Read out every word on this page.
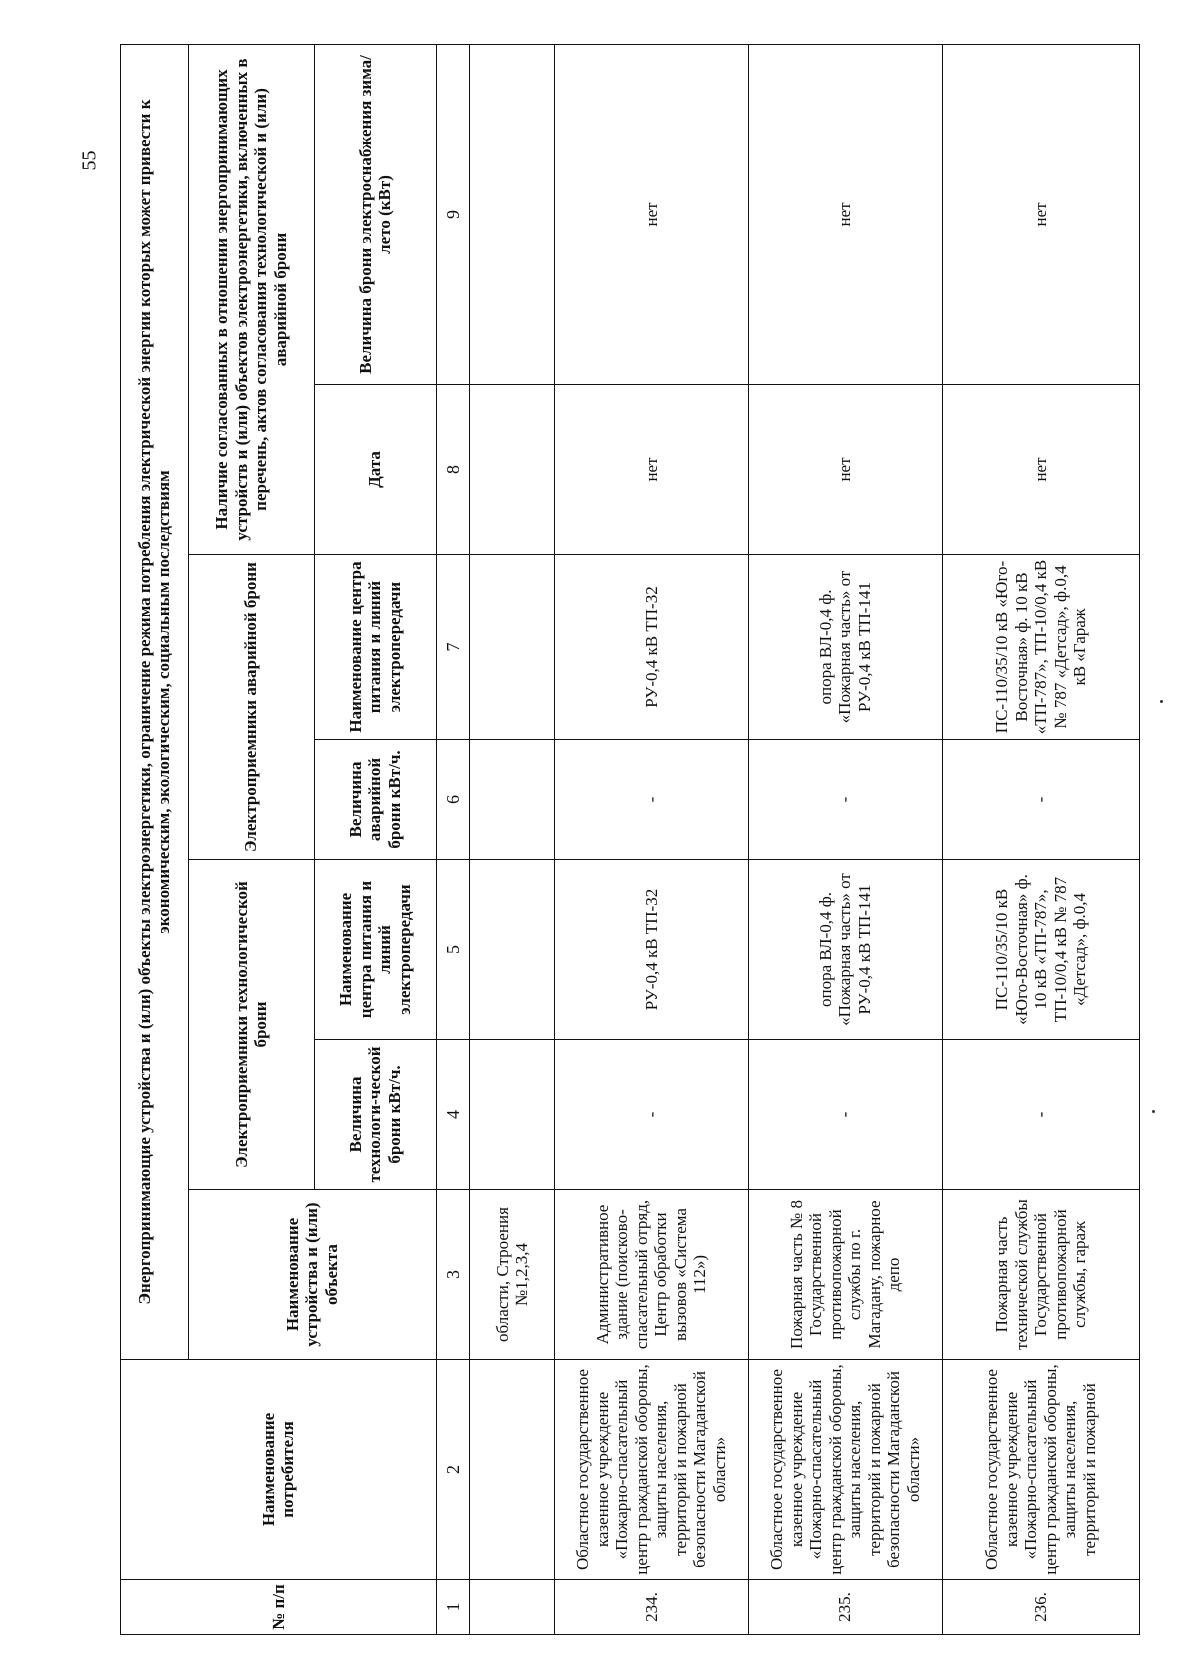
55
№ п/п	Наименование потребителя	Энергопринимающие устройства и (или) объекты электроэнергетики, ограничение режима потребления электрической энергии которых может привести к экономическим, экологическим, социальным последствиям						
		Наименование устройства и (или) объекта	Электроприемники технологической брони		Электроприемники аварийной брони		Наличие согласованных в отношении энергопринимающих устройств и (или) объектов электроэнергетики, включенных в перечень, актов согласования технологической и (или) аварийной брони	
			Величина технологи-ческой брони кВт/ч.	Наименование центра питания и линий электропередачи	Величина аварийной брони кВт/ч.	Наименование центра питания и линий электропередачи	Дата	Величина брони электроснабжения зима/лето (кВт)
1	2	3	4	5	6	7	8	9
		области, Строения №1,2,3,4						
234.	Областное государственное казенное учреждение «Пожарно-спасательный центр гражданской обороны, защиты населения, территорий и пожарной безопасности Магаданской области»	Административное здание (поисково-спасательный отряд, Центр обработки вызовов «Система 112»)	-	РУ-0,4 кВ ТП-32	-	РУ-0,4 кВ ТП-32	нет	нет
235.	Областное государственное казенное учреждение «Пожарно-спасательный центр гражданской обороны, защиты населения, территорий и пожарной безопасности Магаданской области»	Пожарная часть № 8 Государственной противопожарной службы по г. Магадану, пожарное депо	-	опора ВЛ-0,4 ф. «Пожарная часть» от РУ-0,4 кВ ТП-141	-	опора ВЛ-0,4 ф. «Пожарная часть» от РУ-0,4 кВ ТП-141	нет	нет
236.	Областное государственное казенное учреждение «Пожарно-спасательный центр гражданской обороны, защиты населения, территорий и пожарной	Пожарная часть технической службы Государственной противопожарной службы, гараж	-	ПС-110/35/10 кВ «Юго-Восточная» ф. 10 кВ «ТП-787», ТП-10/0,4 кВ № 787 «Детсад», ф.0,4	-	ПС-110/35/10 кВ «Юго-Восточная» ф. 10 кВ «ТП-787», ТП-10/0,4 кВ № 787 «Детсад», ф.0,4 кВ «Гараж	нет	нет
